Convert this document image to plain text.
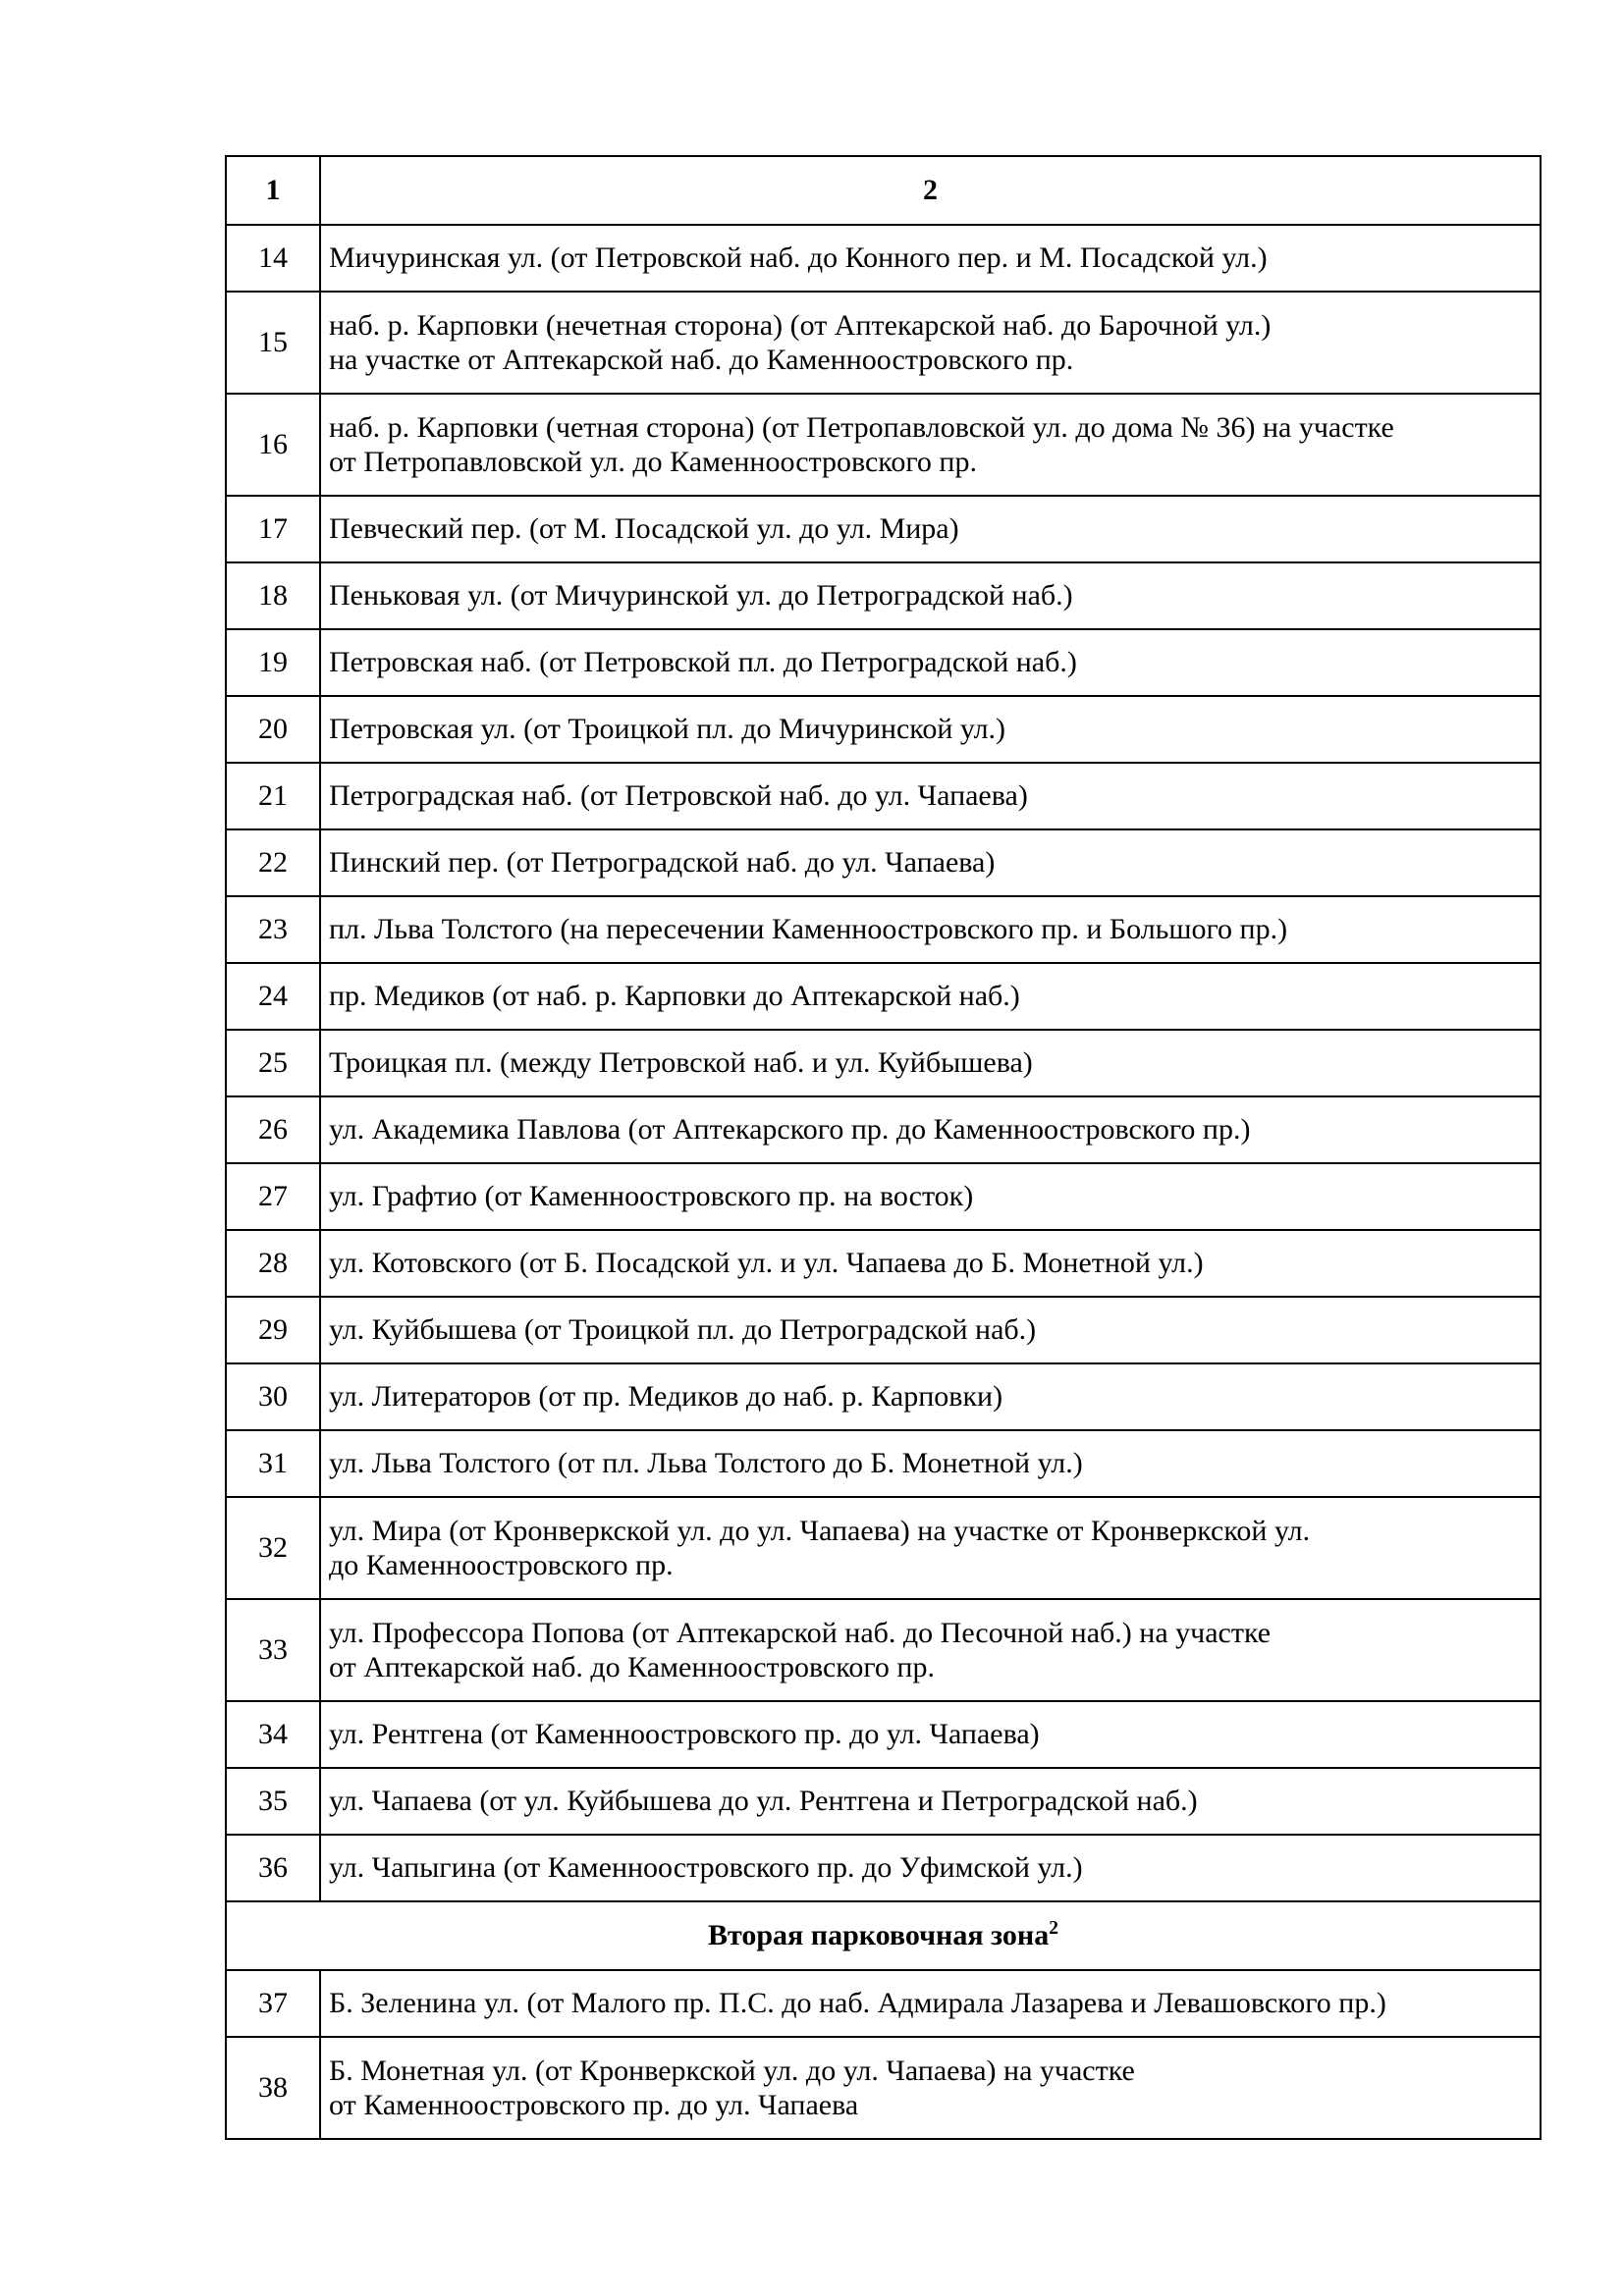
1	2
14	Мичуринская ул. (от Петровской наб. до Конного пер. и М. Посадской ул.)

15	наб. р. Карповки (нечетная сторона) (от Аптекарской наб. до Барочной ул.)
на участке от Аптекарской наб. до Каменноостровского пр.

16	наб. р. Карповки (четная сторона) (от Петропавловской ул. до дома № 36) на участке
от Петропавловской ул. до Каменноостровского пр.

17	Певческий пер. (от М. Посадской ул. до ул. Мира)

18	Пеньковая ул. (от Мичуринской ул. до Петроградской наб.)

19	Петровская наб. (от Петровской пл. до Петроградской наб.)

20	Петровская ул. (от Троицкой пл. до Мичуринской ул.)

21	Петроградская наб. (от Петровской наб. до ул. Чапаева)

22	Пинский пер. (от Петроградской наб. до ул. Чапаева)

23	пл. Льва Толстого (на пересечении Каменноостровского пр. и Большого пр.)

24	пр. Медиков (от наб. р. Карповки до Аптекарской наб.)

25	Троицкая пл. (между Петровской наб. и ул. Куйбышева)

26	ул. Академика Павлова (от Аптекарского пр. до Каменноостровского пр.)

27	ул. Графтио (от Каменноостровского пр. на восток)

28	ул. Котовского (от Б. Посадской ул. и ул. Чапаева до Б. Монетной ул.)

29	ул. Куйбышева (от Троицкой пл. до Петроградской наб.)

30	ул. Литераторов (от пр. Медиков до наб. р. Карповки)

31	ул. Льва Толстого (от пл. Льва Толстого до Б. Монетной ул.)

32	ул. Мира (от Кронверкской ул. до ул. Чапаева) на участке от Кронверкской ул.
до Каменноостровского пр.

33	ул. Профессора Попова (от Аптекарской наб. до Песочной наб.) на участке
от Аптекарской наб. до Каменноостровского пр.

34	ул. Рентгена (от Каменноостровского пр. до ул. Чапаева)

35	ул. Чапаева (от ул. Куйбышева до ул. Рентгена и Петроградской наб.)

36	ул. Чапыгина (от Каменноостровского пр. до Уфимской ул.)

Вторая парковочная зона$^2$
37	Б. Зеленина ул. (от Малого пр. П.С. до наб. Адмирала Лазарева и Левашовского пр.)

38	Б. Монетная ул. (от Кронверкской ул. до ул. Чапаева) на участке
от Каменноостровского пр. до ул. Чапаева
